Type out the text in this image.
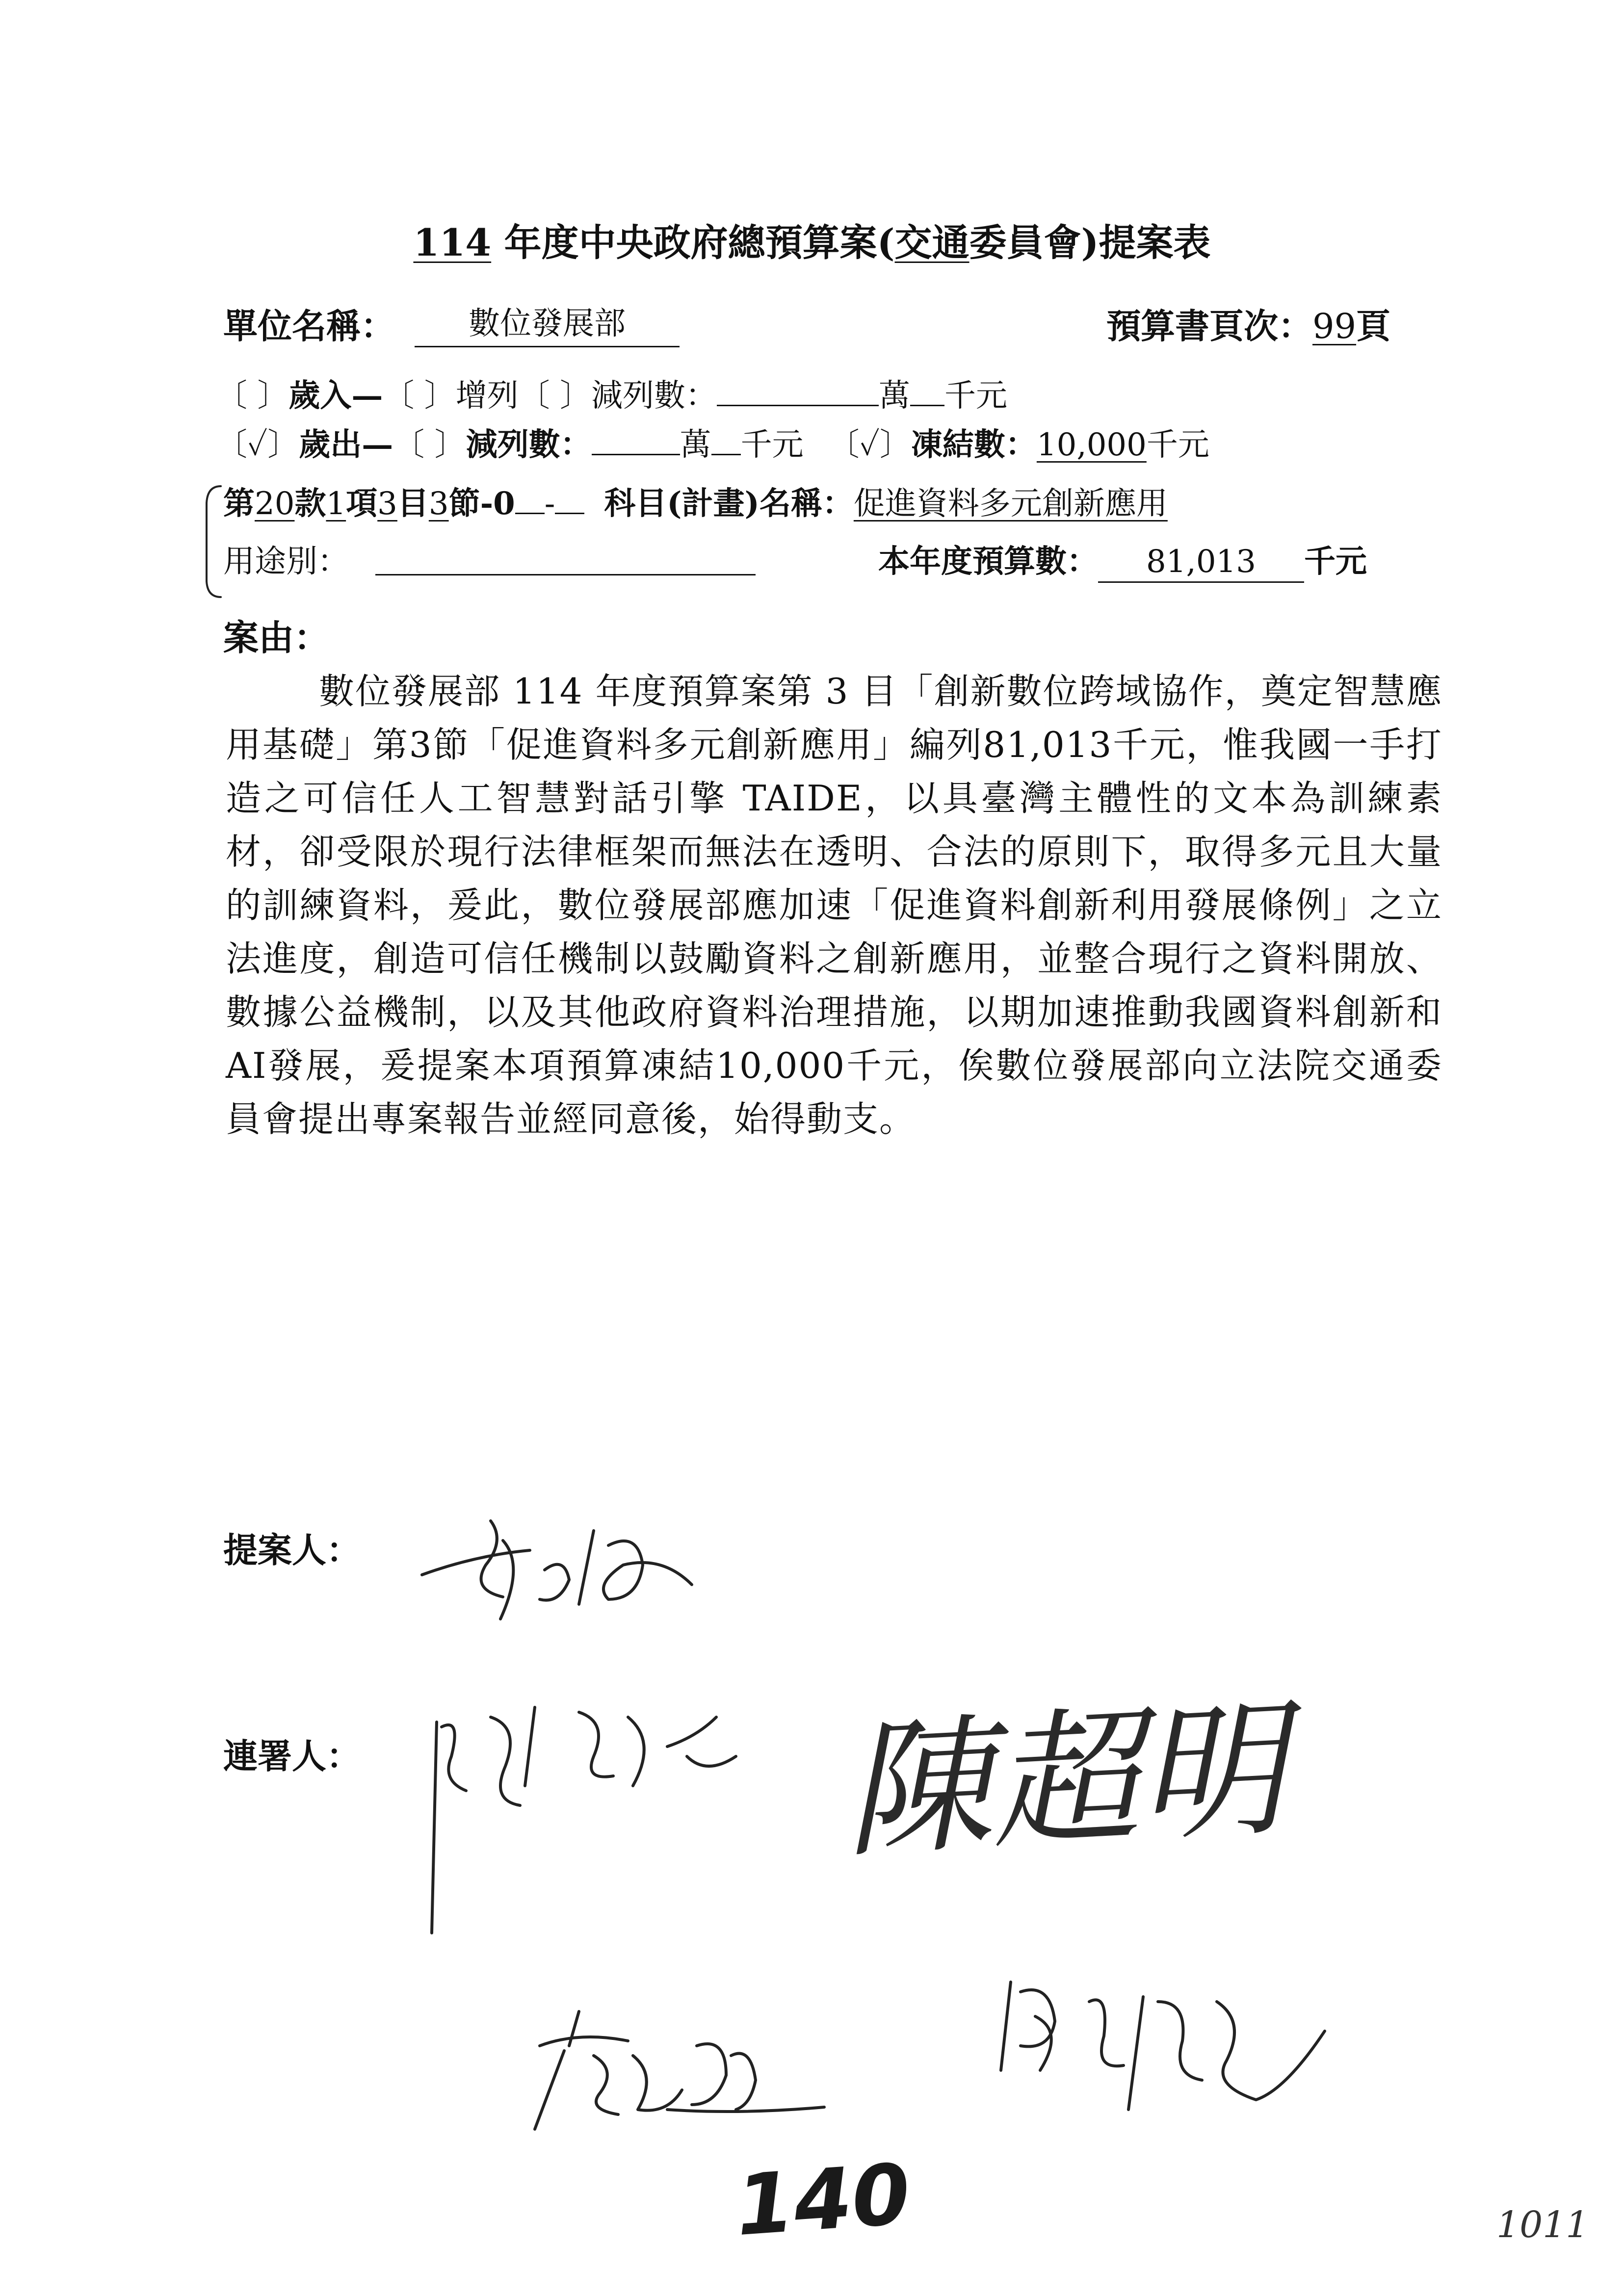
114 年度中央政府總預算案(交通委員會)提案表
單位名稱：	數位發展部	預算書頁次：99頁
〔 〕歲入—〔 〕增列〔 〕減列數：	萬 千元
〔✓〕歲出—〔 〕減列數：	萬 千元 〔✓〕凍結數：10,000千元
第20款1項3目3節-0 - 科目(計畫)名稱：促進資料多元創新應用
用途別：	本年度預算數： 81,013 千元
案由：
數位發展部 114 年度預算案第 3 目「創新數位跨域協作，奠定智慧應用基礎」第3節「促進資料多元創新應用」編列81,013千元，惟我國一手打造之可信任人工智慧對話引擎 TAIDE，以具臺灣主體性的文本為訓練素材，卻受限於現行法律框架而無法在透明、合法的原則下，取得多元且大量的訓練資料，爰此，數位發展部應加速「促進資料創新利用發展條例」之立法進度，創造可信任機制以鼓勵資料之創新應用，並整合現行之資料開放、數據公益機制，以及其他政府資料治理措施，以期加速推動我國資料創新和AI發展，爰提案本項預算凍結10,000千元，俟數位發展部向立法院交通委員會提出專案報告並經同意後，始得動支。
提案人：
連署人：	陳超明
140	1011
